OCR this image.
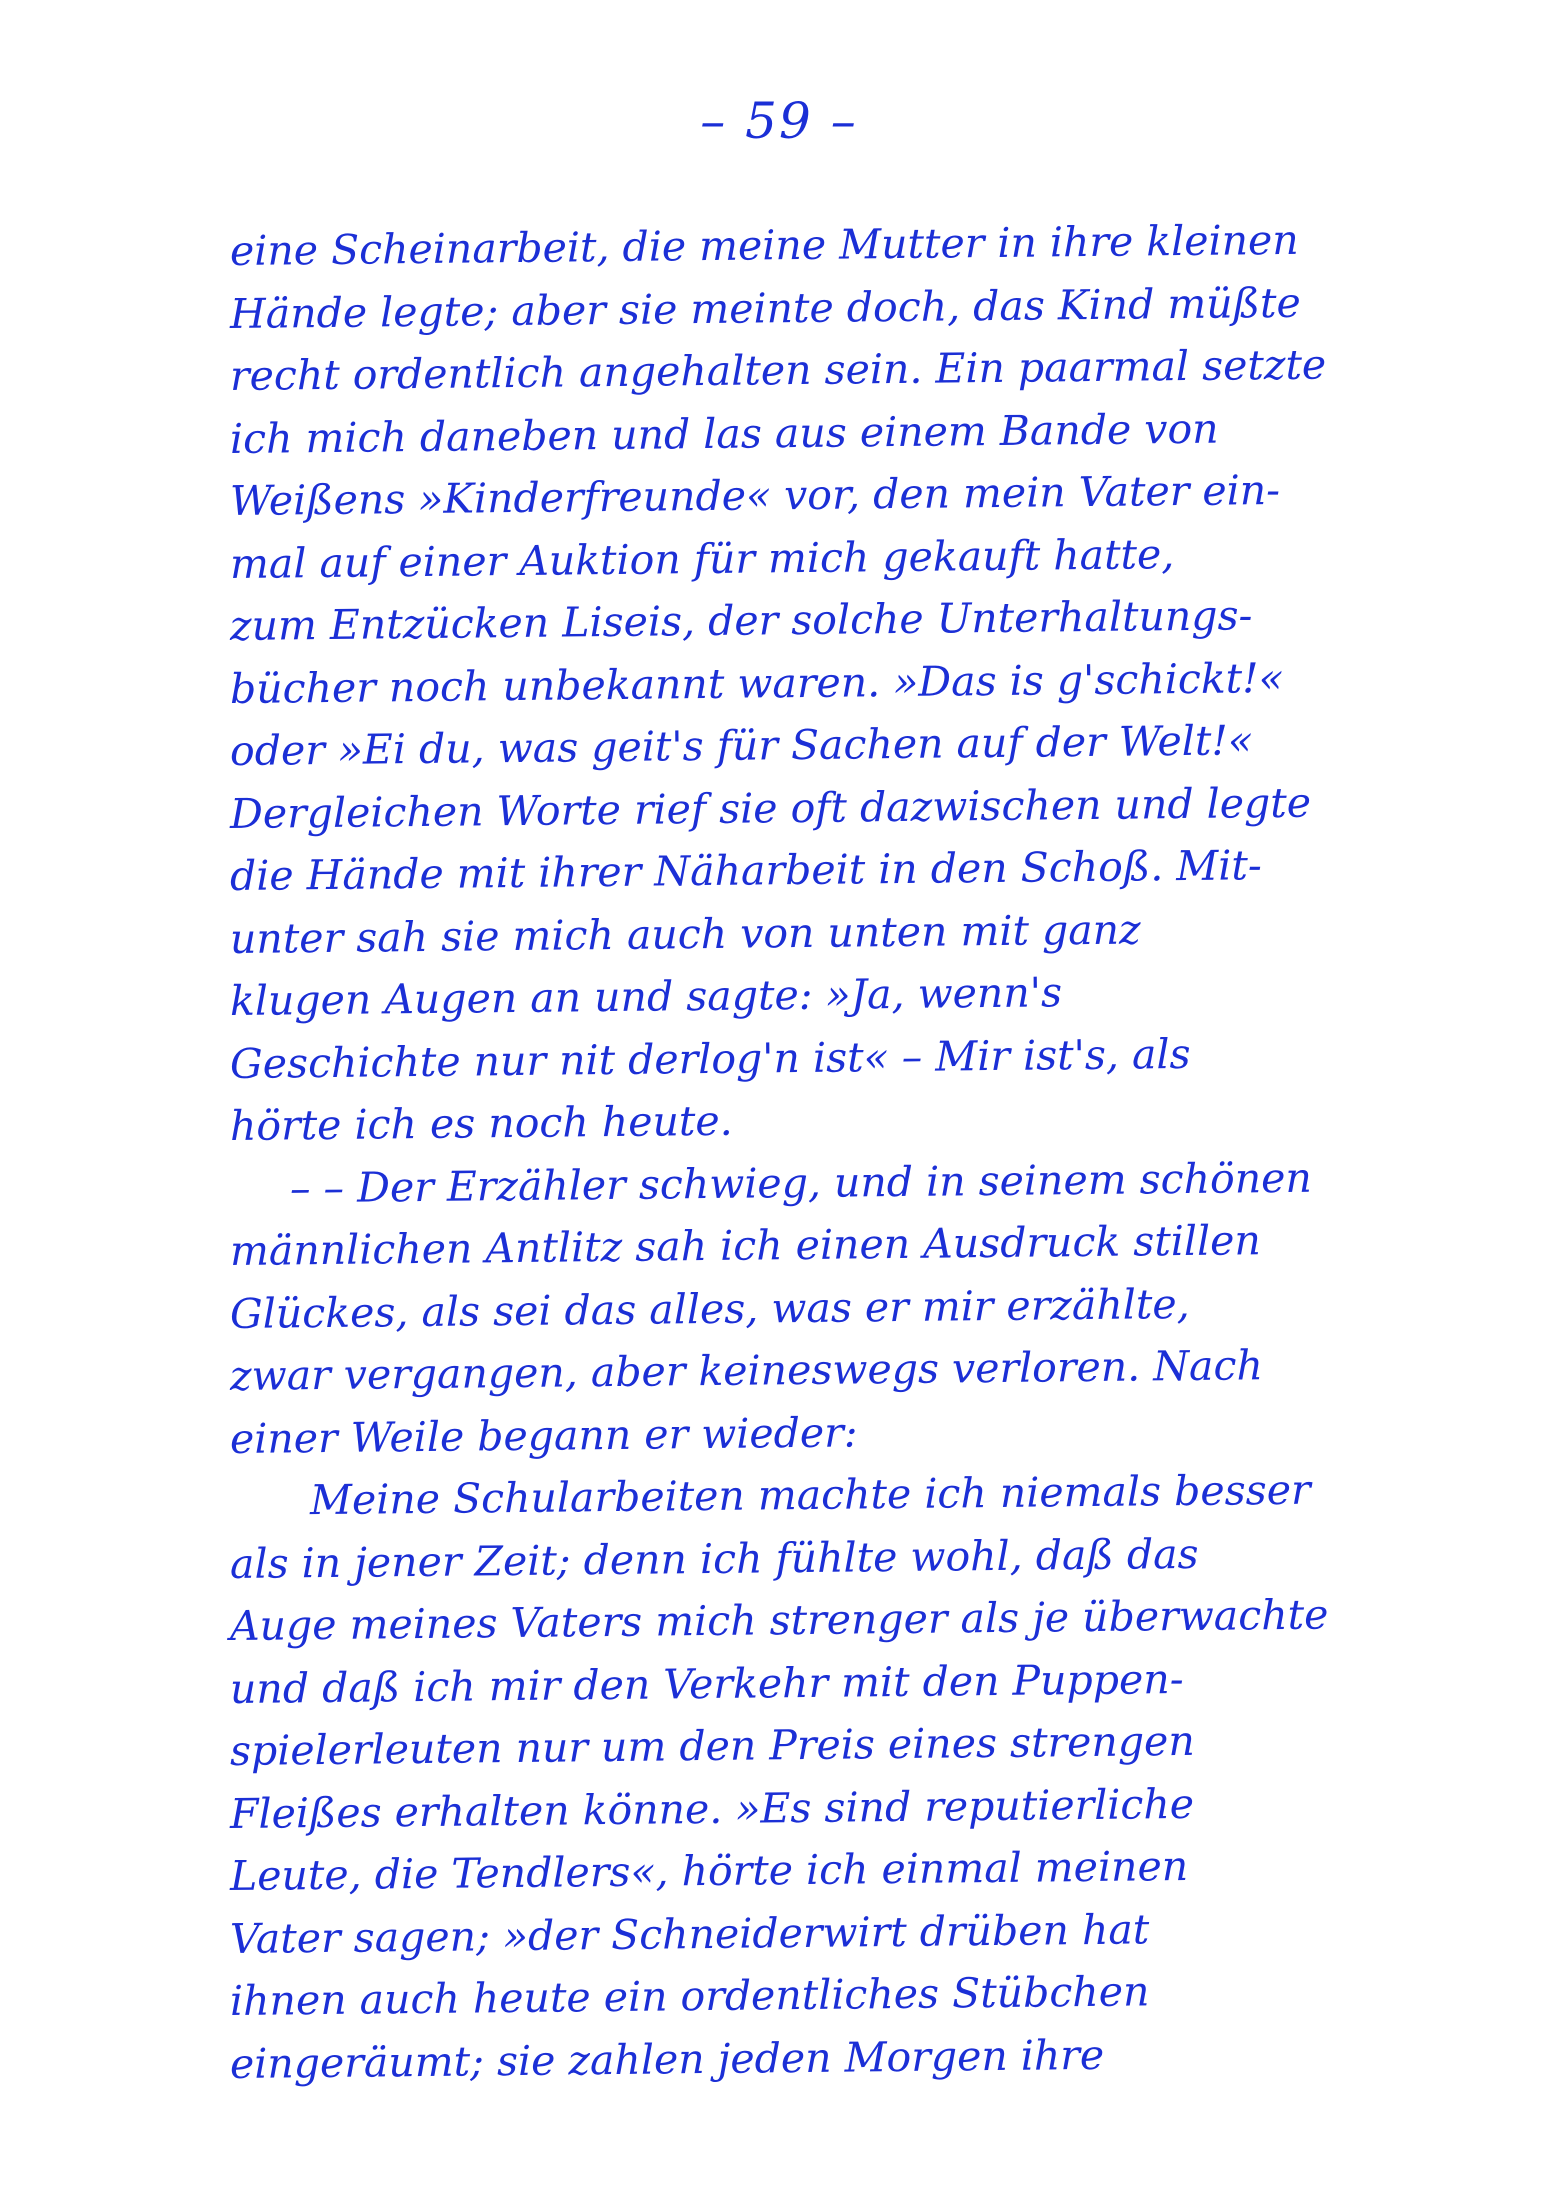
– 59 –
eine Scheinarbeit, die meine Mutter in ihre kleinen
Hände legte; aber sie meinte doch, das Kind müßte
recht ordentlich angehalten sein. Ein paarmal setzte
ich mich daneben und las aus einem Bande von
Weißens »Kinderfreunde« vor, den mein Vater ein-
mal auf einer Auktion für mich gekauft hatte,
zum Entzücken Liseis, der solche Unterhaltungs-
bücher noch unbekannt waren. »Das is g'schickt!«
oder »Ei du, was geit's für Sachen auf der Welt!«
Dergleichen Worte rief sie oft dazwischen und legte
die Hände mit ihrer Näharbeit in den Schoß. Mit-
unter sah sie mich auch von unten mit ganz
klugen Augen an und sagte: »Ja, wenn's
Geschichte nur nit derlog'n ist« – Mir ist's, als
hörte ich es noch heute.
– – Der Erzähler schwieg, und in seinem schönen
männlichen Antlitz sah ich einen Ausdruck stillen
Glückes, als sei das alles, was er mir erzählte,
zwar vergangen, aber keineswegs verloren. Nach
einer Weile begann er wieder:
Meine Schularbeiten machte ich niemals besser
als in jener Zeit; denn ich fühlte wohl, daß das
Auge meines Vaters mich strenger als je überwachte
und daß ich mir den Verkehr mit den Puppen-
spielerleuten nur um den Preis eines strengen
Fleißes erhalten könne. »Es sind reputierliche
Leute, die Tendlers«, hörte ich einmal meinen
Vater sagen; »der Schneiderwirt drüben hat
ihnen auch heute ein ordentliches Stübchen
eingeräumt; sie zahlen jeden Morgen ihre
